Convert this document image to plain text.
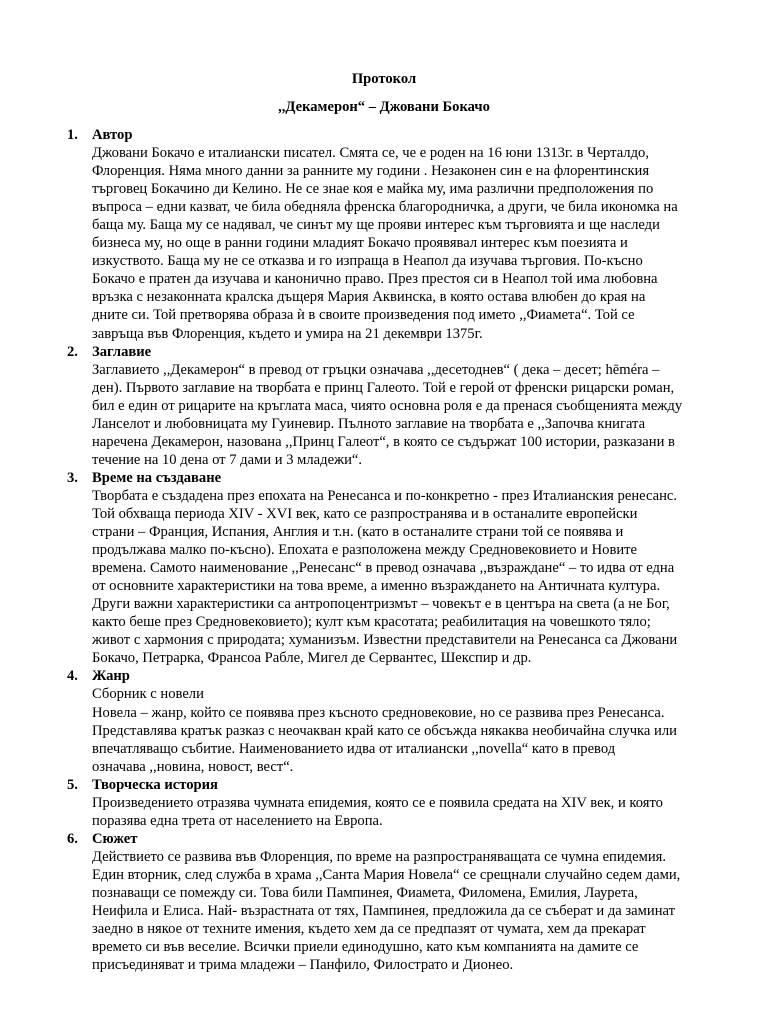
Протокол
,,Декамерон“ – Джовани Бокачо
1. Автор
Джовани Бокачо е италиански писател. Смята се, че е роден на 16 юни 1313г. в Черталдо,
Флоренция. Няма много данни за ранните му години . Незаконен син е на флорентинския
търговец Бокачино ди Келино. Не се знае коя е майка му, има различни предположения по
въпроса – едни казват, че била обедняла френска благородничка, а други, че била икономка на
баща му. Баща му се надявал, че синът му ще прояви интерес към търговията и ще наследи
бизнеса му, но още в ранни години младият Бокачо проявявал интерес към поезията и
изкуството. Баща му не се отказва и го изпраща в Неапол да изучава търговия. По-късно
Бокачо е пратен да изучава и канонично право. През престоя си в Неапол той има любовна
връзка с незаконната кралска дъщеря Мария Аквинска, в която остава влюбен до края на
дните си. Той претворява образа ѝ в своите произведения под името ,,Фиамета“. Той се
завръща във Флоренция, където и умира на 21 декември 1375г.
2. Заглавие
Заглавието ,,Декамерон“ в превод от гръцки означава ,,десетоднев“ ( дека – десет; hēméra –
ден). Първото заглавие на творбата е принц Галеото. Той е герой от френски рицарски роман,
бил е един от рицарите на кръглата маса, чиято основна роля е да пренася съобщенията между
Ланселот и любовницата му Гуиневир. Пълното заглавие на творбата е ,,Започва книгата
наречена Декамерон, назована ,,Принц Галеот“, в която се съдържат 100 истории, разказани в
течение на 10 дена от 7 дами и 3 младежи“.
3. Време на създаване
Творбата е създадена през епохата на Ренесанса и по-конкретно - през Италианския ренесанс.
Той обхваща периода XIV - XVI век, като се разпространява и в останалите европейски
страни – Франция, Испания, Англия и т.н. (като в останалите страни той се появява и
продължава малко по-късно). Епохата е разположена между Средновековието и Новите
времена. Самото наименование ,,Ренесанс“ в превод означава ,,възраждане“ – то идва от една
от основните характеристики на това време, а именно възраждането на Античната култура.
Други важни характеристики са антропоцентризмът – човекът е в центъра на света (а не Бог,
както беше през Средновековието); култ към красотата; реабилитация на човешкото тяло;
живот с хармония с природата; хуманизъм. Известни представители на Ренесанса са Джовани
Бокачо, Петрарка, Франсоа Рабле, Мигел де Сервантес, Шекспир и др.
4. Жанр
Сборник с новели
Новела – жанр, който се появява през късното средновековие, но се развива през Ренесанса.
Представлява кратък разказ с неочакван край като се обсъжда някаква необичайна случка или
впечатляващо събитие. Наименованието идва от италиански ,,novella“ като в превод
означава ,,новина, новост, вест“.
5. Творческа история
Произведението отразява чумната епидемия, която се е появила средата на XIV век, и която
поразява една трета от населението на Европа.
6. Сюжет
Действието се развива във Флоренция, по време на разпространяващата се чумна епидемия.
Един вторник, след служба в храма ,,Санта Мария Новела“ се срещнали случайно седем дами,
познаващи се помежду си. Това били Пампинея, Фиамета, Филомена, Емилия, Лаурета,
Неифила и Елиса. Най- възрастната от тях, Пампинея, предложила да се съберат и да заминат
заедно в някое от техните имения, където хем да се предпазят от чумата, хем да прекарат
времето си във веселие. Всички приели единодушно, като към компанията на дамите се
присъединяват и трима младежи – Панфило, Филострато и Дионео.
